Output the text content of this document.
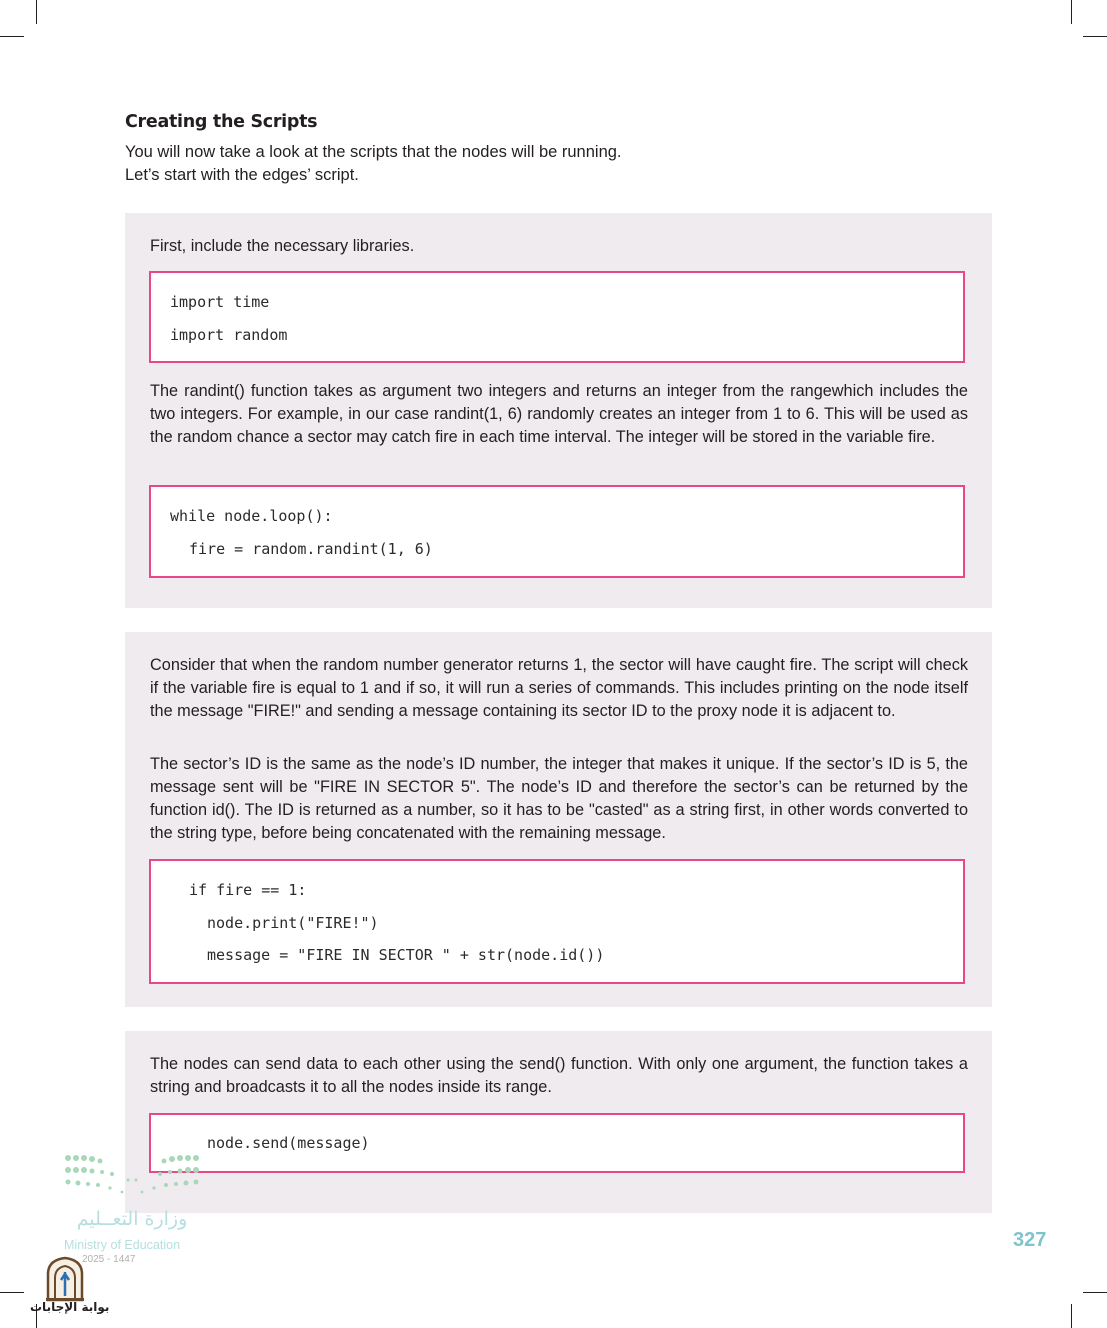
Creating the Scripts

You will now take a look at the scripts that the nodes will be running.

Let’s start with the edges’ script.

First, include the necessary libraries.

import time

import random

The randint() function takes as argument two integers and returns an integer from the rangewhich includes the two integers. For example, in our case randint(1, 6) randomly creates an integer from 1 to 6. This will be used as the random chance a sector may catch fire in each time interval. The integer will be stored in the variable fire.

while node.loop():

fire = random.randint(1, 6)

Consider that when the random number generator returns 1, the sector will have caught fire. The script will check if the variable fire is equal to 1 and if so, it will run a series of commands. This includes printing on the node itself the message "FIRE!" and sending a message containing its sector ID to the proxy node it is adjacent to.

The sector’s ID is the same as the node’s ID number, the integer that makes it unique. If the sector’s ID is 5, the message sent will be "FIRE IN SECTOR 5". The node’s ID and therefore the sector’s can be returned by the function id(). The ID is returned as a number, so it has to be "casted" as a string first, in other words converted to the string type, before being concatenated with the remaining message.

if fire == 1:

node.print("FIRE!")

message = "FIRE IN SECTOR " + str(node.id())

The nodes can send data to each other using the send() function. With only one argument, the function takes a string and broadcasts it to all the nodes inside its range.

node.send(message)

وزارة التعــليم
Ministry of Education
2025 - 1447
327
بوابة الإجابات
